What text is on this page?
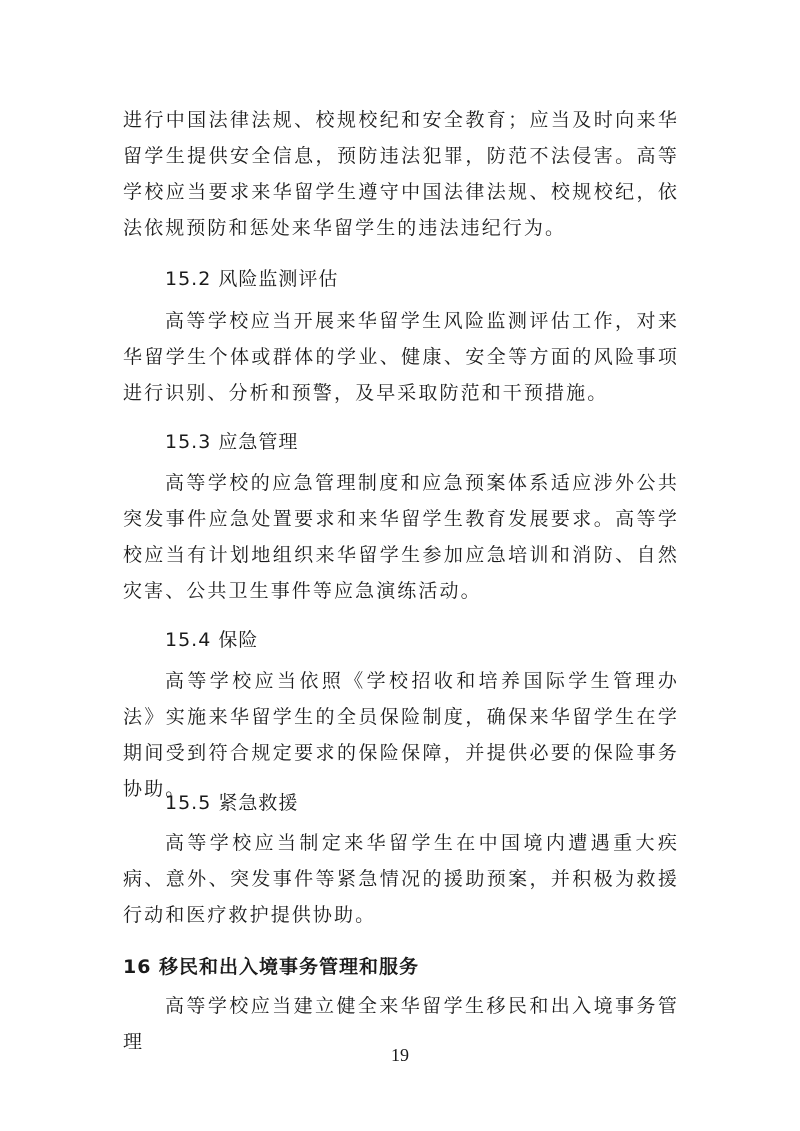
进行中国法律法规、校规校纪和安全教育；应当及时向来华留学生提供安全信息，预防违法犯罪，防范不法侵害。高等学校应当要求来华留学生遵守中国法律法规、校规校纪，依法依规预防和惩处来华留学生的违法违纪行为。

15.2 风险监测评估

高等学校应当开展来华留学生风险监测评估工作，对来华留学生个体或群体的学业、健康、安全等方面的风险事项进行识别、分析和预警，及早采取防范和干预措施。

15.3 应急管理

高等学校的应急管理制度和应急预案体系适应涉外公共突发事件应急处置要求和来华留学生教育发展要求。高等学校应当有计划地组织来华留学生参加应急培训和消防、自然灾害、公共卫生事件等应急演练活动。

15.4 保险

高等学校应当依照《学校招收和培养国际学生管理办法》实施来华留学生的全员保险制度，确保来华留学生在学期间受到符合规定要求的保险保障，并提供必要的保险事务协助。

15.5 紧急救援

高等学校应当制定来华留学生在中国境内遭遇重大疾病、意外、突发事件等紧急情况的援助预案，并积极为救援行动和医疗救护提供协助。

16 移民和出入境事务管理和服务

高等学校应当建立健全来华留学生移民和出入境事务管理

19
